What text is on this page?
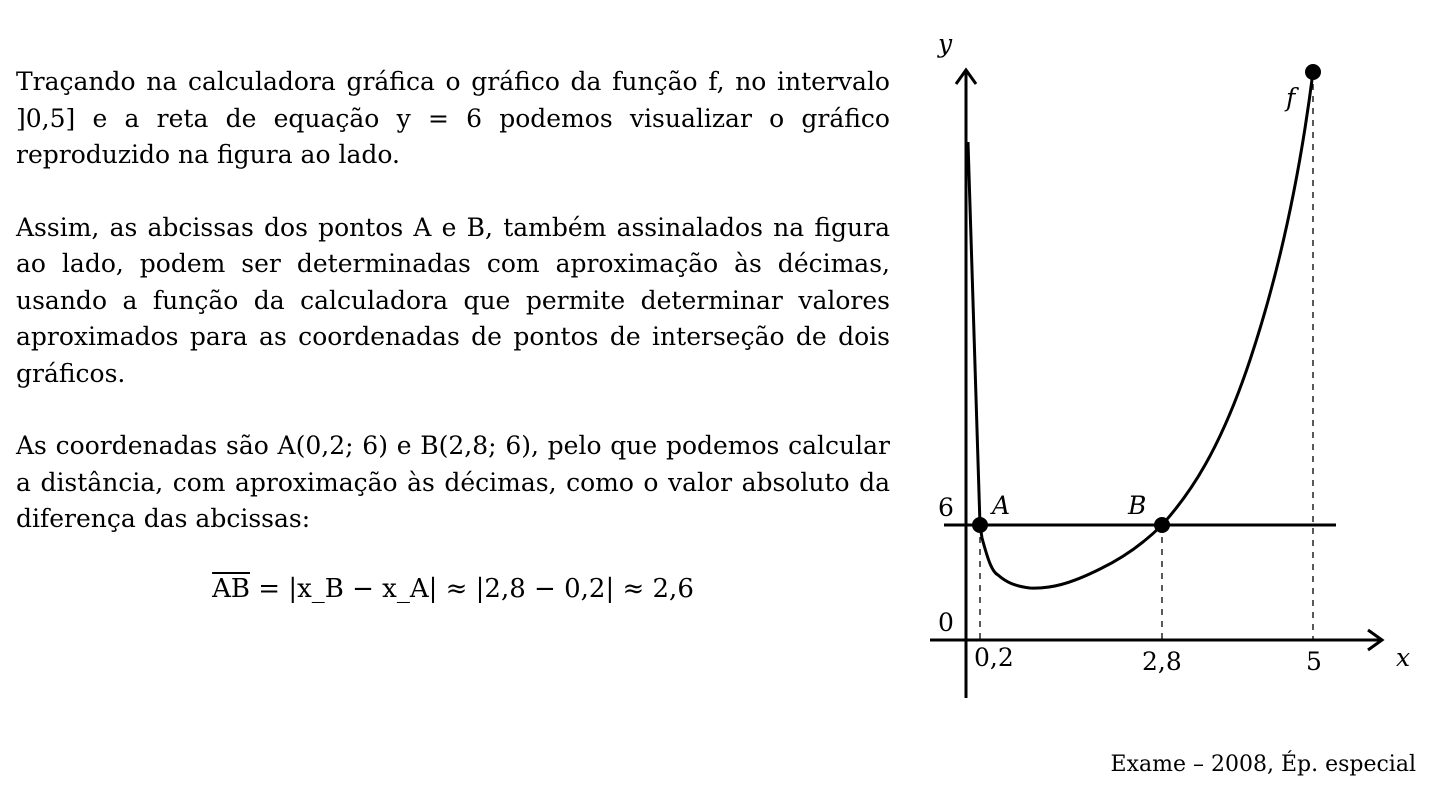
Traçando na calculadora gráfica o gráfico da função f, no intervalo ]0,5] e a reta de equação y = 6 podemos visualizar o gráfico reproduzido na figura ao lado.

Assim, as abcissas dos pontos A e B, também assinalados na figura ao lado, podem ser determinadas com aproximação às décimas, usando a função da calculadora que permite determinar valores aproximados para as coordenadas de pontos de interseção de dois gráficos.

As coordenadas são A(0,2; 6) e B(2,8; 6), pelo que podemos calcular a distância, com aproximação às décimas, como o valor absoluto da diferença das abcissas:

$\overline{AB}$ = |x_B − x_A| ≈ |2,8 − 0,2| ≈ 2,6
y
x
f
6
0
0,2	2,8	5
A	B
Exame – 2008, Ép. especial
